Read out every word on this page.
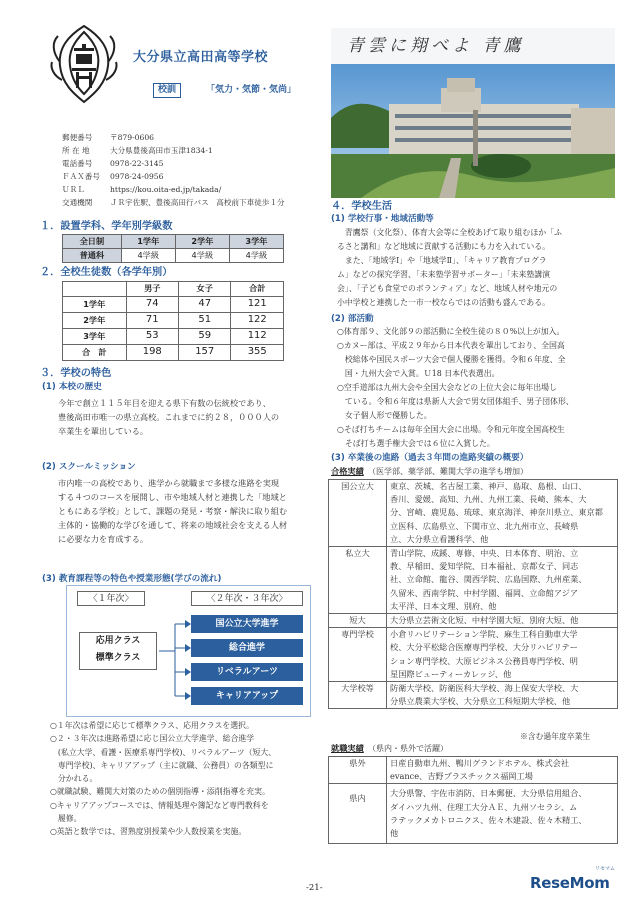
大分県立高田高等学校
校訓	「気力・気節・気尚」
青雲に翔べよ 青鷹
郵便番号	〒879-0606
所 在 地	大分県豊後高田市玉津1834-1
電話番号	0978-22-3145
ＦＡＸ番号	0978-24-0956
ＵＲＬ	https://kou.oita-ed.jp/takada/
交通機関	ＪＲ宇佐駅、豊後高田行バス　高校前下車徒歩１分
１．設置学科、学年別学級数
全日制	1学年	2学年	3学年
普通科	4学級	4学級	4学級
２．全校生徒数（各学年別）
	男子	女子	合計
1学年	74	47	121
2学年	71	51	122
3学年	53	59	112
合　計	198	157	355
３．学校の特色
(1) 本校の歴史
今年で創立１１５年目を迎える県下有数の伝統校であり、
豊後高田市唯一の県立高校。これまでに約２８，０００人の
卒業生を輩出している。
(2) スクールミッション
市内唯一の高校であり、進学から就職まで多様な進路を実現
する４つのコースを展開し、市や地域人材と連携した「地域と
ともにある学校」として、課題の発見・考察・解決に取り組む
主体的・協働的な学びを通して、将来の地域社会を支える人材
に必要な力を育成する。
(3) 教育課程等の特色や授業形態(学びの流れ)
〈１年次〉	〈２年次・３年次〉
応用クラス
標準クラス
国公立大学進学
総合進学
リベラルアーツ
キャリアアップ
○１年次は希望に応じて標準クラス、応用クラスを選択。
○２・３年次は進路希望に応じ国公立大学進学、総合進学
　(私立大学、看護・医療系専門学校)、リベラルアーツ（短大、
　専門学校)、キャリアアップ（主に就職、公務員）の各類型に
　分かれる。
○就職試験、難関大対策のための個別指導・添削指導を充実。
○キャリアアップコースでは、情報処理や簿記など専門教科を
　履修。
○英語と数学では、習熟度別授業や少人数授業を実施。
４．学校生活
(1) 学校行事・地域活動等
　青鷹祭（文化祭）、体育大会等に全校あげて取り組むほか「ふ
るさと講和」など地域に貢献する活動にも力を入れている。
　また、「地域学Ⅰ」や「地域学Ⅱ」、「キャリア教育プログラ
ム」などの探究学習、「未来塾学習サポーター」「未来塾講演
会」、「子ども食堂でのボランティア」など、地域人材や地元の
小中学校と連携した一市一校ならではの活動も盛んである。
(2) 部活動
○体育部９、文化部９の部活動に全校生徒の８０%以上が加入。
○カヌー部は、平成２９年から日本代表を輩出しており、全国高
　校総体や国民スポーツ大会で個人優勝を獲得。令和６年度、全
　国・九州大会で入賞。Ｕ18 日本代表選出。
○空手道部は九州大会や全国大会などの上位大会に毎年出場し
　ている。令和６年度は県新人大会で男女団体組手、男子団体形、
　女子個人形で優勝した。
○そば打ちチームは毎年全国大会に出場。令和元年度全国高校生
　そば打ち選手権大会では６位に入賞した。
(3) 卒業後の進路（過去３年間の進路実績の概要）
合格実績 （医学部、薬学部、難関大学の進学も増加）
国公立大	東京、茨城、名古屋工業、神戸、島取、島根、山口、
香川、愛媛、高知、九州、九州工業、長崎、熊本、大
分、宮崎、鹿児島、琉球、東京海洋、神奈川県立、東京都
立医科、広島県立、下関市立、北九州市立、長崎県
立、大分県立看護科学、他

私立大	青山学院、成蹊、専修、中央、日本体育、明治、立
教、早稲田、愛知学院、日本福祉、京都女子、同志
社、立命館、龍谷、関西学院、広島国際、九州産業、
久留米、西南学院、中村学園、福岡、立命館アジア
太平洋、日本文理、別府、他

短大	大分県立芸術文化短、中村学園大短、別府大短、他

専門学校	小倉リハビリテーション学院、麻生工科自動車大学
校、大分平松総合医療専門学校、大分リハビリテー
ション専門学校、大原ビジネス公務員専門学校、明
星国際ビューティーカレッジ、他

大学校等	防衛大学校、防衛医科大学校、海上保安大学校、大
分県立農業大学校、大分県立工科短期大学校、他
※含む過年度卒業生
就職実績 （県内・県外で活躍）
県外	日産自動車九州、鴨川グランドホテル、株式会社
evance、吉野プラスチックス福岡工場

県内	大分県警、宇佐市消防、日本郵便、大分県信用組合、
ダイハツ九州、住理工大分ＡＥ、九州ソセラシ、ム
ラテックメカトロニクス、佐々木建設、佐々木精工、
他
-21-	ReseMom
リセマム
